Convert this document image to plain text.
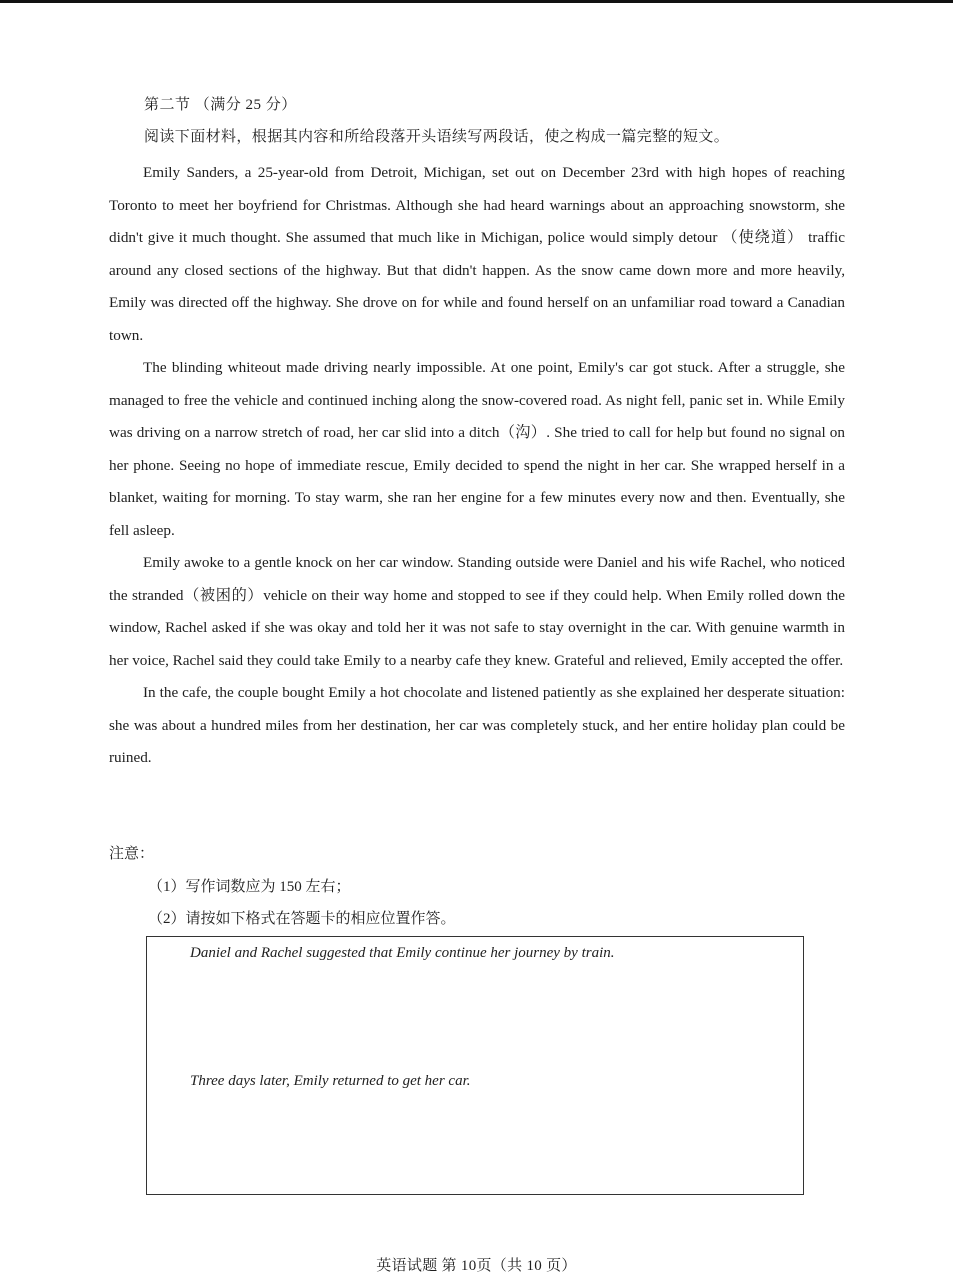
第二节 （满分 25 分）
阅读下面材料，根据其内容和所给段落开头语续写两段话，使之构成一篇完整的短文。

Emily Sanders, a 25-year-old from Detroit, Michigan, set out on December 23rd with high hopes of reaching Toronto to meet her boyfriend for Christmas. Although she had heard warnings about an approaching snowstorm, she didn't give it much thought. She assumed that much like in Michigan, police would simply detour （使绕道） traffic around any closed sections of the highway. But that didn't happen. As the snow came down more and more heavily, Emily was directed off the highway. She drove on for while and found herself on an unfamiliar road toward a Canadian town.

The blinding whiteout made driving nearly impossible. At one point, Emily's car got stuck. After a struggle, she managed to free the vehicle and continued inching along the snow-covered road. As night fell, panic set in. While Emily was driving on a narrow stretch of road, her car slid into a ditch（沟）. She tried to call for help but found no signal on her phone. Seeing no hope of immediate rescue, Emily decided to spend the night in her car. She wrapped herself in a blanket, waiting for morning. To stay warm, she ran her engine for a few minutes every now and then. Eventually, she fell asleep.

Emily awoke to a gentle knock on her car window. Standing outside were Daniel and his wife Rachel, who noticed the stranded（被困的）vehicle on their way home and stopped to see if they could help. When Emily rolled down the window, Rachel asked if she was okay and told her it was not safe to stay overnight in the car. With genuine warmth in her voice, Rachel said they could take Emily to a nearby cafe they knew. Grateful and relieved, Emily accepted the offer.

In the cafe, the couple bought Emily a hot chocolate and listened patiently as she explained her desperate situation: she was about a hundred miles from her destination, her car was completely stuck, and her entire holiday plan could be ruined.

注意：
（1）写作词数应为 150 左右；
（2）请按如下格式在答题卡的相应位置作答。
Daniel and Rachel suggested that Emily continue her journey by train.
Three days later, Emily returned to get her car.
英语试题 第 10页（共 10 页）
